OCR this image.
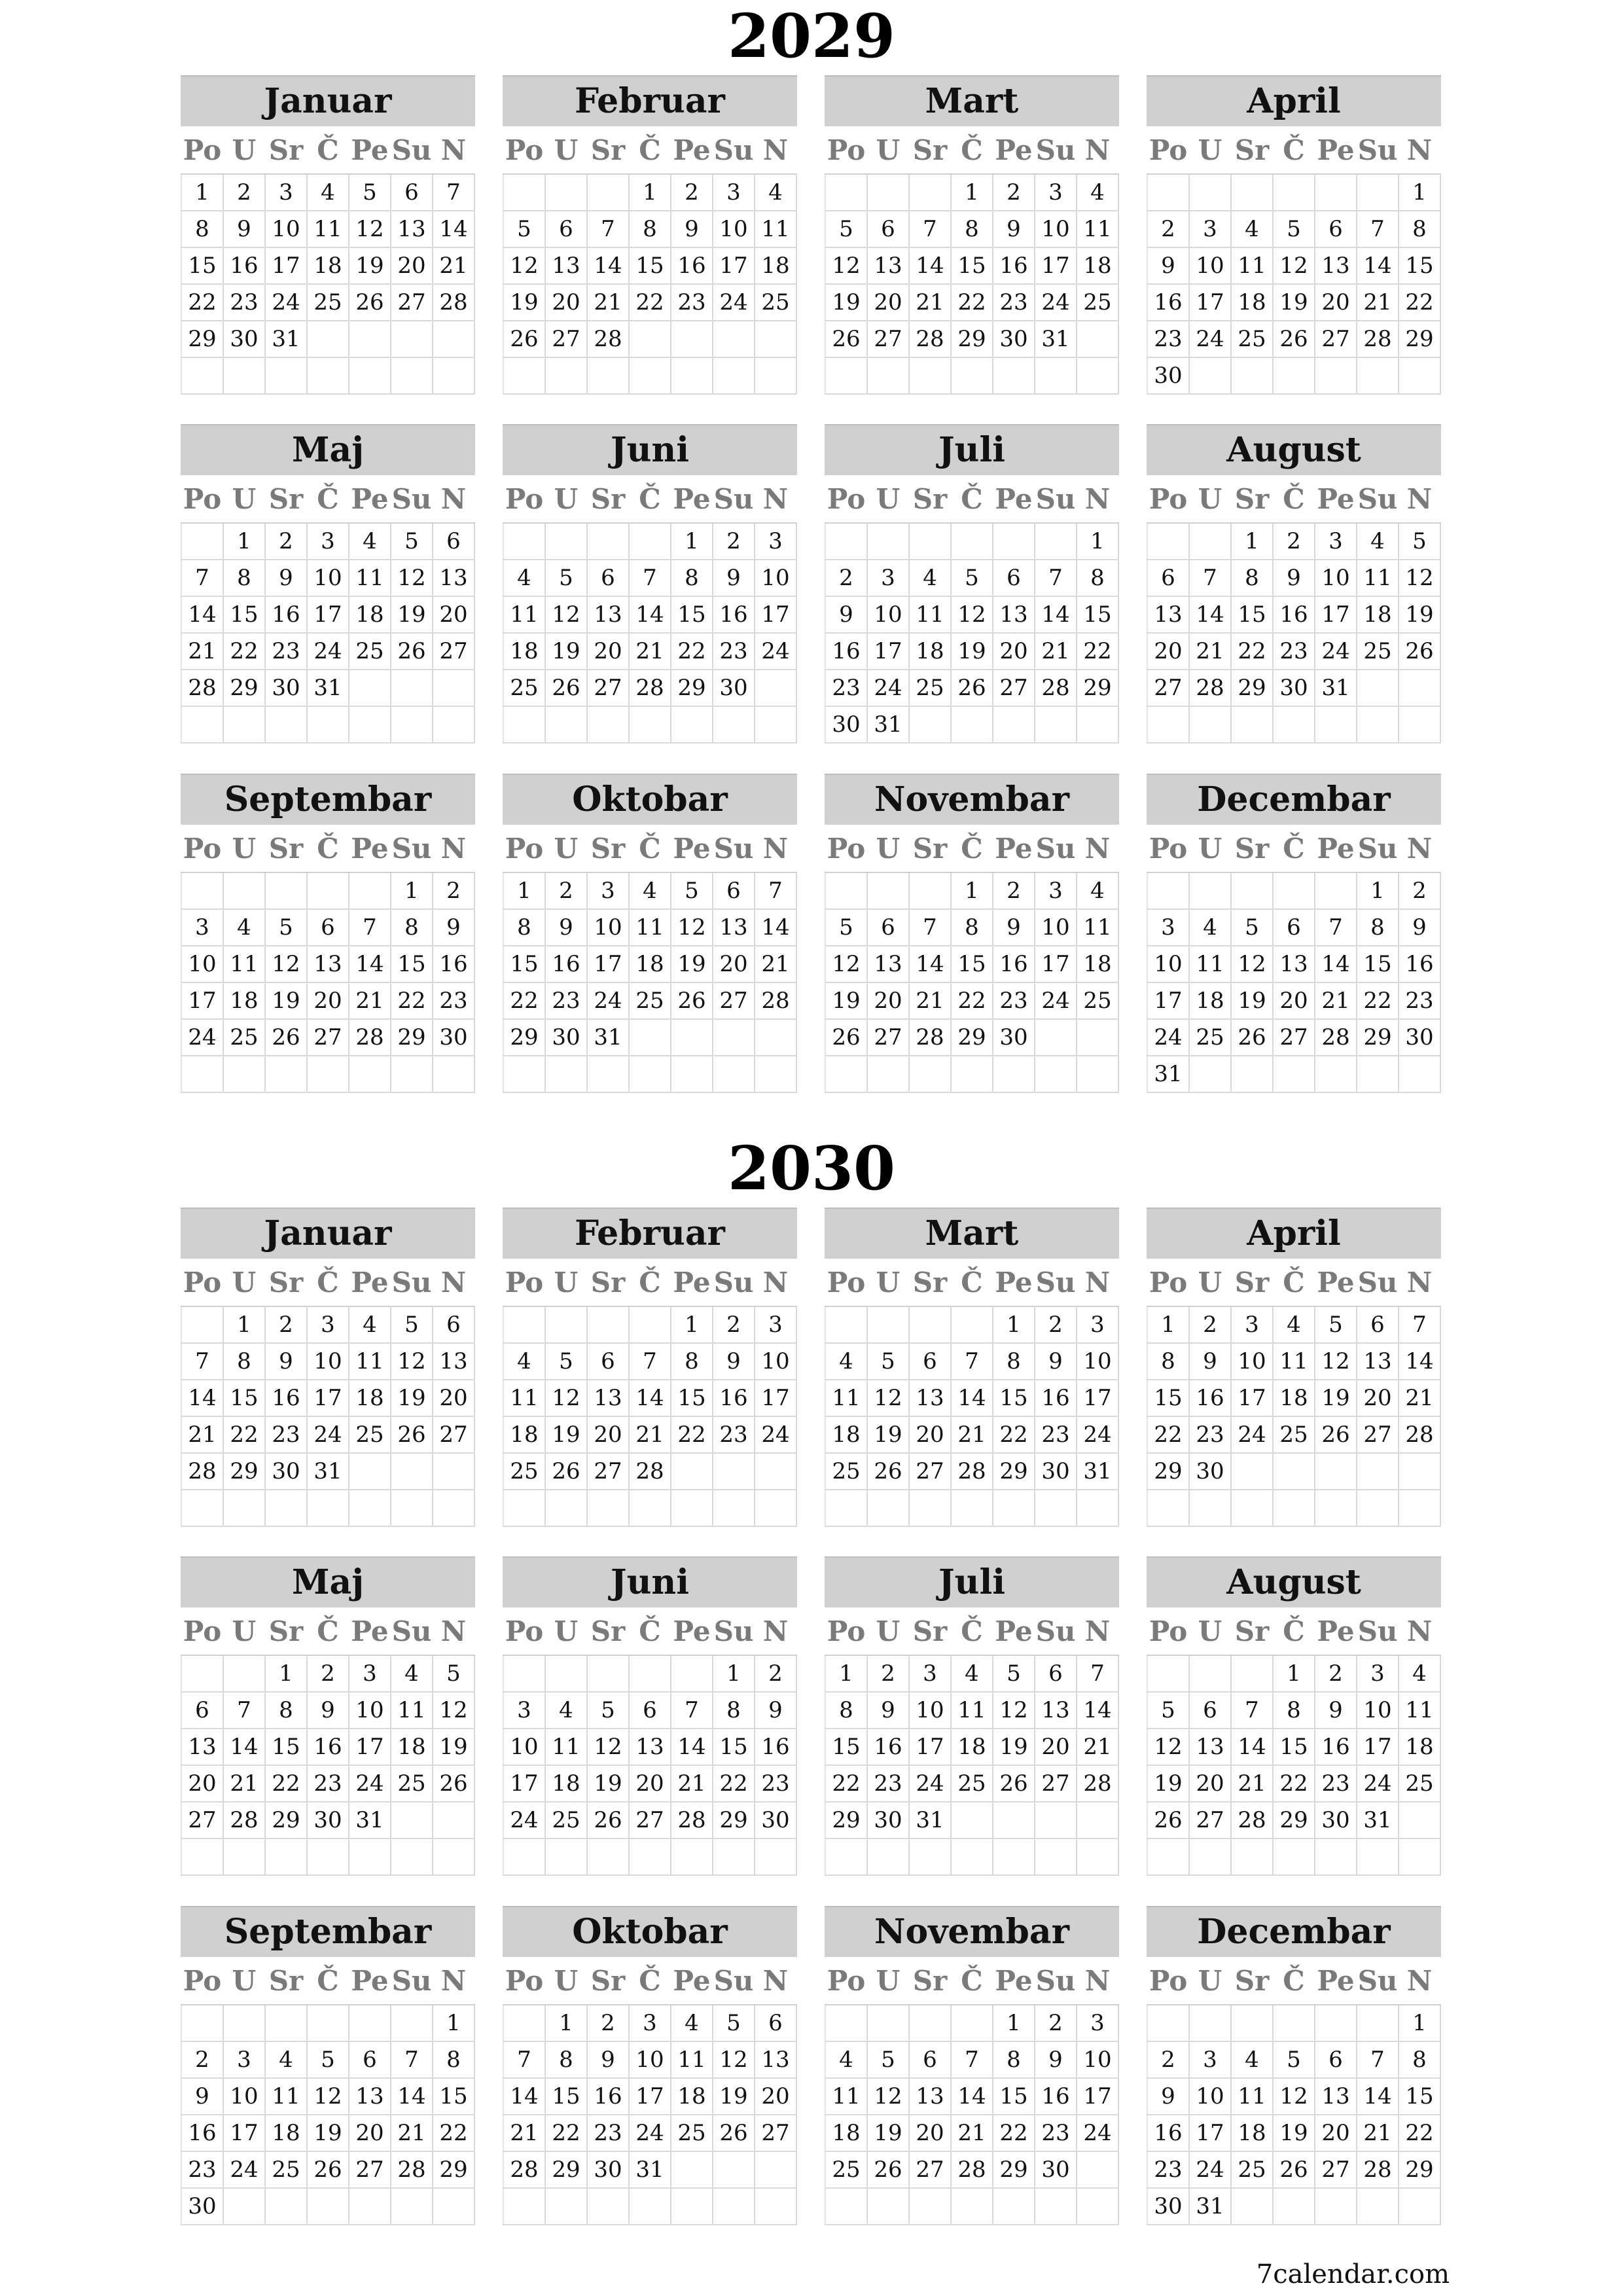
2029
Januar
Po	U	Sr	Č	Pe	Su	N
1	2	3	4	5	6	7
8	9	10	11	12	13	14
15	16	17	18	19	20	21
22	23	24	25	26	27	28
29	30	31				

Februar
Po	U	Sr	Č	Pe	Su	N
			1	2	3	4
5	6	7	8	9	10	11
12	13	14	15	16	17	18
19	20	21	22	23	24	25
26	27	28				

Mart
Po	U	Sr	Č	Pe	Su	N
			1	2	3	4
5	6	7	8	9	10	11
12	13	14	15	16	17	18
19	20	21	22	23	24	25
26	27	28	29	30	31	

April
Po	U	Sr	Č	Pe	Su	N
						1
2	3	4	5	6	7	8
9	10	11	12	13	14	15
16	17	18	19	20	21	22
23	24	25	26	27	28	29
30						
Maj
Po	U	Sr	Č	Pe	Su	N
	1	2	3	4	5	6
7	8	9	10	11	12	13
14	15	16	17	18	19	20
21	22	23	24	25	26	27
28	29	30	31			

Juni
Po	U	Sr	Č	Pe	Su	N
				1	2	3
4	5	6	7	8	9	10
11	12	13	14	15	16	17
18	19	20	21	22	23	24
25	26	27	28	29	30	

Juli
Po	U	Sr	Č	Pe	Su	N
						1
2	3	4	5	6	7	8
9	10	11	12	13	14	15
16	17	18	19	20	21	22
23	24	25	26	27	28	29
30	31					
August
Po	U	Sr	Č	Pe	Su	N
		1	2	3	4	5
6	7	8	9	10	11	12
13	14	15	16	17	18	19
20	21	22	23	24	25	26
27	28	29	30	31		

Septembar
Po	U	Sr	Č	Pe	Su	N
					1	2
3	4	5	6	7	8	9
10	11	12	13	14	15	16
17	18	19	20	21	22	23
24	25	26	27	28	29	30

Oktobar
Po	U	Sr	Č	Pe	Su	N
1	2	3	4	5	6	7
8	9	10	11	12	13	14
15	16	17	18	19	20	21
22	23	24	25	26	27	28
29	30	31				

Novembar
Po	U	Sr	Č	Pe	Su	N
			1	2	3	4
5	6	7	8	9	10	11
12	13	14	15	16	17	18
19	20	21	22	23	24	25
26	27	28	29	30		

Decembar
Po	U	Sr	Č	Pe	Su	N
					1	2
3	4	5	6	7	8	9
10	11	12	13	14	15	16
17	18	19	20	21	22	23
24	25	26	27	28	29	30
31						
2030
Januar
Po	U	Sr	Č	Pe	Su	N
	1	2	3	4	5	6
7	8	9	10	11	12	13
14	15	16	17	18	19	20
21	22	23	24	25	26	27
28	29	30	31			

Februar
Po	U	Sr	Č	Pe	Su	N
				1	2	3
4	5	6	7	8	9	10
11	12	13	14	15	16	17
18	19	20	21	22	23	24
25	26	27	28			

Mart
Po	U	Sr	Č	Pe	Su	N
				1	2	3
4	5	6	7	8	9	10
11	12	13	14	15	16	17
18	19	20	21	22	23	24
25	26	27	28	29	30	31

April
Po	U	Sr	Č	Pe	Su	N
1	2	3	4	5	6	7
8	9	10	11	12	13	14
15	16	17	18	19	20	21
22	23	24	25	26	27	28
29	30					

Maj
Po	U	Sr	Č	Pe	Su	N
		1	2	3	4	5
6	7	8	9	10	11	12
13	14	15	16	17	18	19
20	21	22	23	24	25	26
27	28	29	30	31		

Juni
Po	U	Sr	Č	Pe	Su	N
					1	2
3	4	5	6	7	8	9
10	11	12	13	14	15	16
17	18	19	20	21	22	23
24	25	26	27	28	29	30

Juli
Po	U	Sr	Č	Pe	Su	N
1	2	3	4	5	6	7
8	9	10	11	12	13	14
15	16	17	18	19	20	21
22	23	24	25	26	27	28
29	30	31				

August
Po	U	Sr	Č	Pe	Su	N
			1	2	3	4
5	6	7	8	9	10	11
12	13	14	15	16	17	18
19	20	21	22	23	24	25
26	27	28	29	30	31	

Septembar
Po	U	Sr	Č	Pe	Su	N
						1
2	3	4	5	6	7	8
9	10	11	12	13	14	15
16	17	18	19	20	21	22
23	24	25	26	27	28	29
30						
Oktobar
Po	U	Sr	Č	Pe	Su	N
	1	2	3	4	5	6
7	8	9	10	11	12	13
14	15	16	17	18	19	20
21	22	23	24	25	26	27
28	29	30	31			

Novembar
Po	U	Sr	Č	Pe	Su	N
				1	2	3
4	5	6	7	8	9	10
11	12	13	14	15	16	17
18	19	20	21	22	23	24
25	26	27	28	29	30	

Decembar
Po	U	Sr	Č	Pe	Su	N
						1
2	3	4	5	6	7	8
9	10	11	12	13	14	15
16	17	18	19	20	21	22
23	24	25	26	27	28	29
30	31					
7calendar.com
